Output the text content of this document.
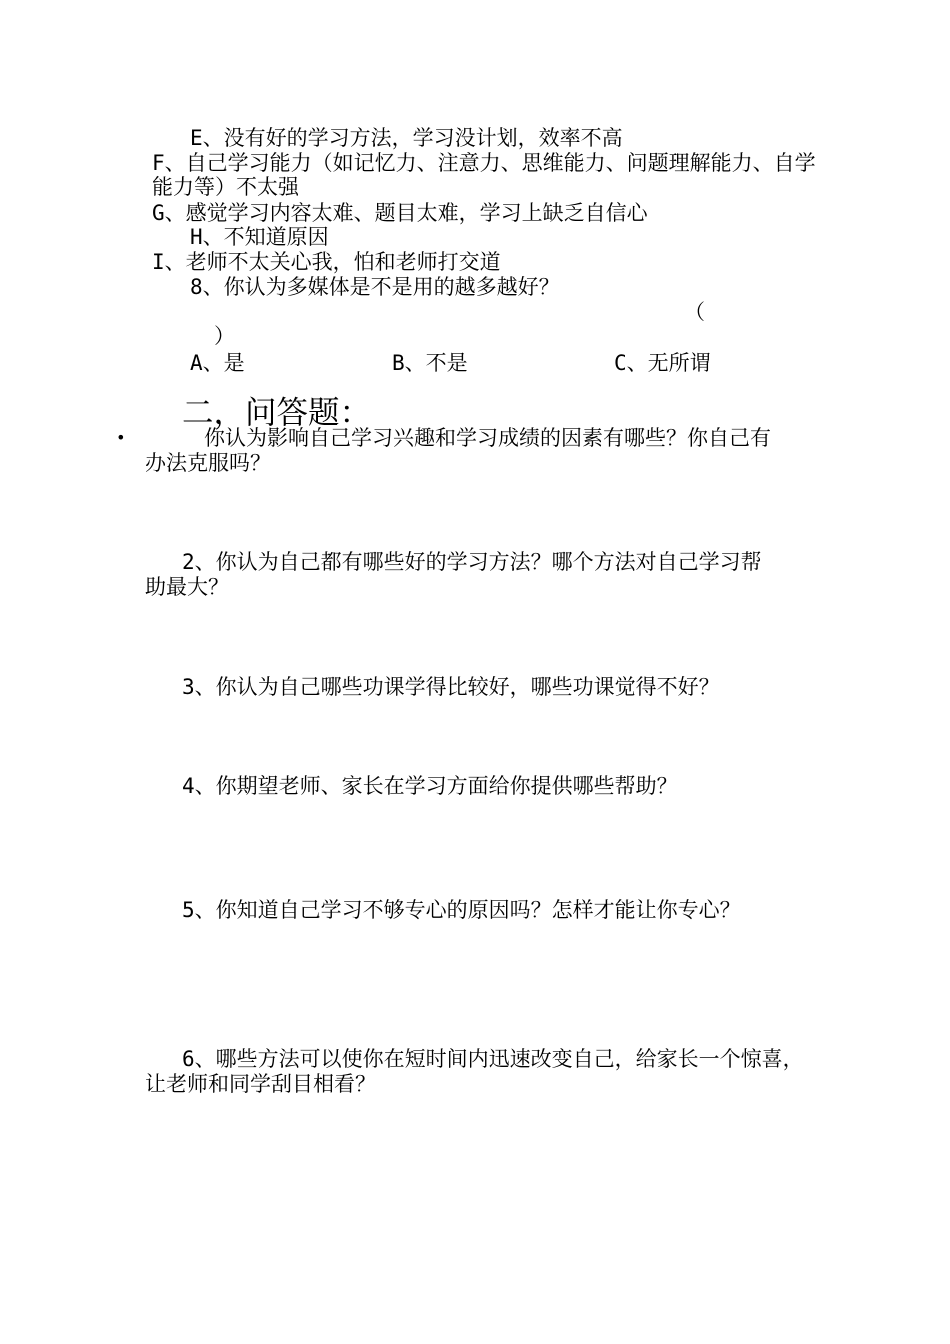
E、没有好的学习方法，学习没计划，效率不高

F、自己学习能力（如记忆力、注意力、思维能力、问题理解能力、自学

能力等）不太强

G、感觉学习内容太难、题目太难，学习上缺乏自信心

H、不知道原因

I、老师不太关心我，怕和老师打交道

8、你认为多媒体是不是用的越多越好？

（
）
A、是	B、不是	C、无所谓
二，问答题：
•	你认为影响自己学习兴趣和学习成绩的因素有哪些？你自己有

办法克服吗？

2、你认为自己都有哪些好的学习方法？哪个方法对自己学习帮

助最大？

3、你认为自己哪些功课学得比较好，哪些功课觉得不好？

4、你期望老师、家长在学习方面给你提供哪些帮助？

5、你知道自己学习不够专心的原因吗？怎样才能让你专心？

6、哪些方法可以使你在短时间内迅速改变自己，给家长一个惊喜，

让老师和同学刮目相看？
